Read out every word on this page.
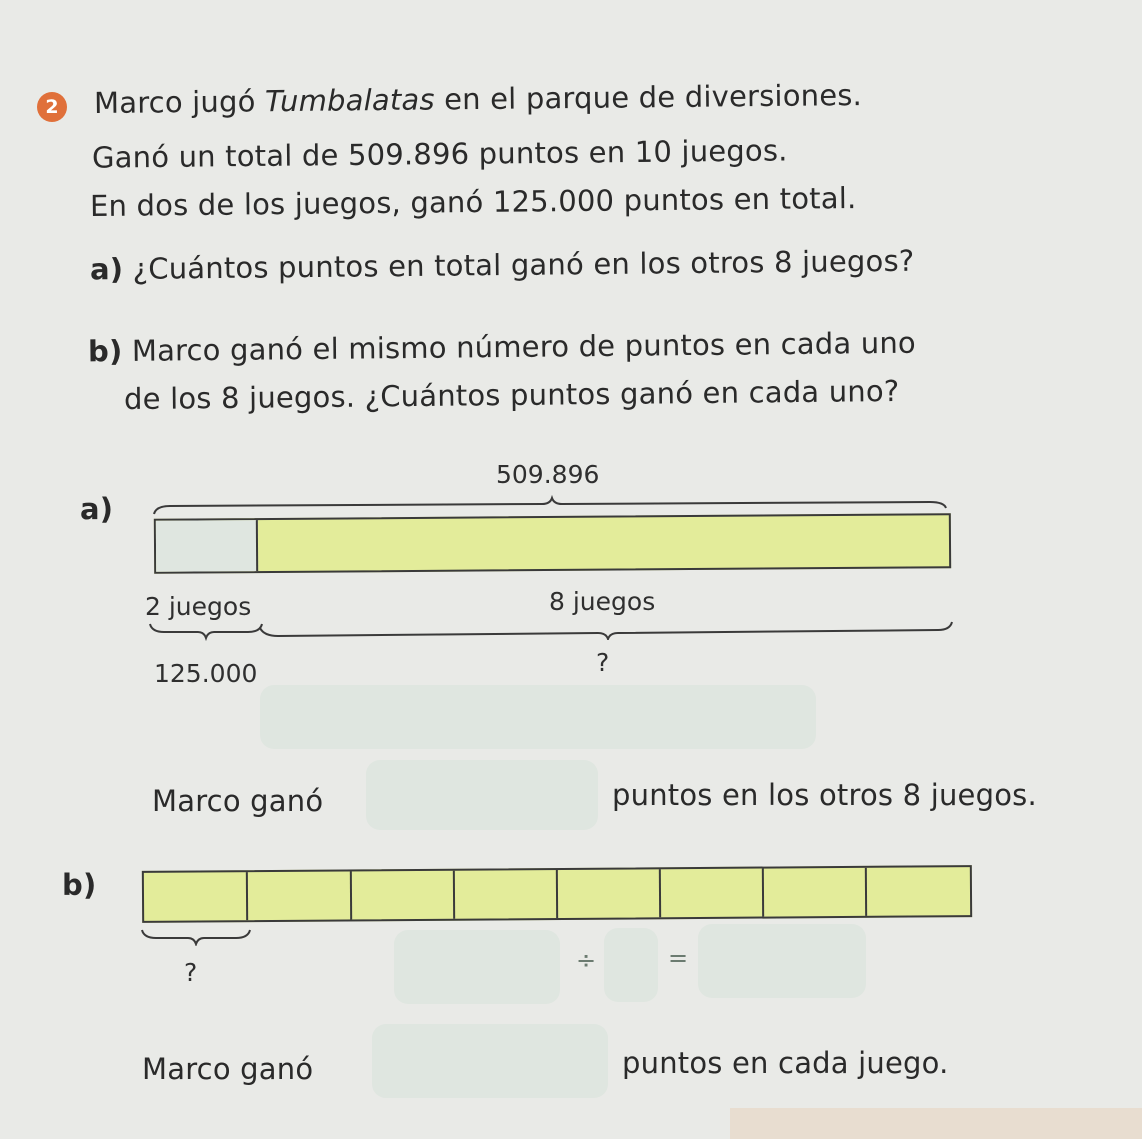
2 Marco jugó Tumbalatas en el parque de diversiones.
Ganó un total de 509.896 puntos en 10 juegos.
En dos de los juegos, ganó 125.000 puntos en total.
a) ¿Cuántos puntos en total ganó en los otros 8 juegos?
b) Marco ganó el mismo número de puntos en cada uno
de los 8 juegos. ¿Cuántos puntos ganó en cada uno?
a)
509.896
2 juegos	8 juegos
125.000	?
Marco ganó	puntos en los otros 8 juegos.
b)
?	÷	=
Marco ganó	puntos en cada juego.
